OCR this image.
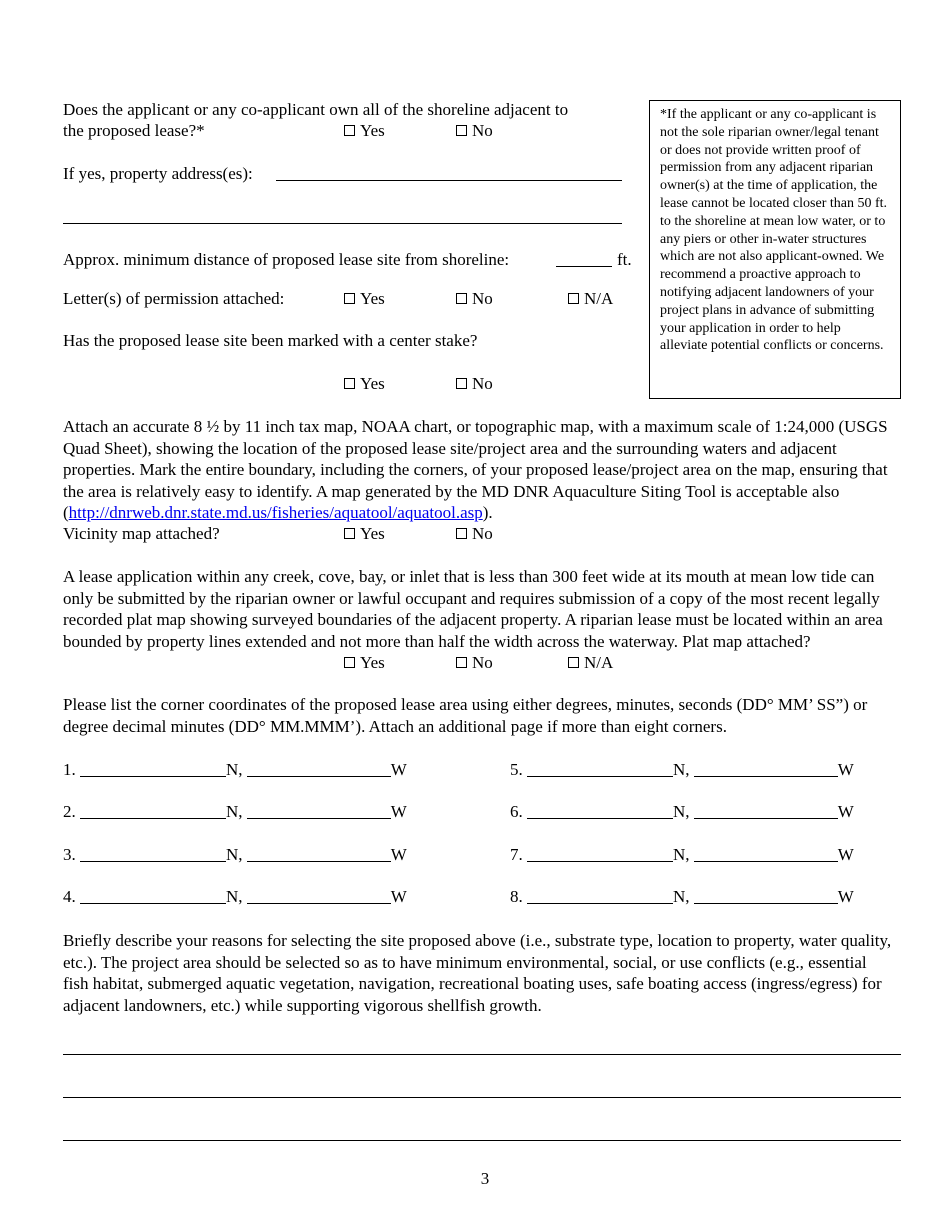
Does the applicant or any co-applicant own all of the shoreline adjacent to
the proposed lease?*	Yes	No
If yes, property address(es):
Approx. minimum distance of proposed lease site from shoreline:	ft.
Letter(s) of permission attached:	Yes	No	N/A
Has the proposed lease site been marked with a center stake?
Yes	No
*If the applicant or any co-applicant is not the sole riparian owner/legal tenant or does not provide written proof of permission from any adjacent riparian owner(s) at the time of application, the lease cannot be located closer than 50 ft. to the shoreline at mean low water, or to any piers or other in-water structures which are not also applicant-owned. We recommend a proactive approach to notifying adjacent landowners of your project plans in advance of submitting your application in order to help alleviate potential conflicts or concerns.
Attach an accurate 8 ½ by 11 inch tax map, NOAA chart, or topographic map, with a maximum scale of 1:24,000 (USGS Quad Sheet), showing the location of the proposed lease site/project area and the surrounding waters and adjacent properties. Mark the entire boundary, including the corners, of your proposed lease/project area on the map, ensuring that the area is relatively easy to identify. A map generated by the MD DNR Aquaculture Siting Tool is acceptable also (http://dnrweb.dnr.state.md.us/fisheries/aquatool/aquatool.asp).
Vicinity map attached?	Yes	No
A lease application within any creek, cove, bay, or inlet that is less than 300 feet wide at its mouth at mean low tide can only be submitted by the riparian owner or lawful occupant and requires submission of a copy of the most recent legally recorded plat map showing surveyed boundaries of the adjacent property. A riparian lease must be located within an area bounded by property lines extended and not more than half the width across the waterway. Plat map attached?
Yes	No	N/A
Please list the corner coordinates of the proposed lease area using either degrees, minutes, seconds (DD° MM’ SS”) or degree decimal minutes (DD° MM.MMM’). Attach an additional page if more than eight corners.
1.	N,	W
2.	N,	W
3.	N,	W
4.	N,	W
5.	N,	W
6.	N,	W
7.	N,	W
8.	N,	W
Briefly describe your reasons for selecting the site proposed above (i.e., substrate type, location to property, water quality, etc.). The project area should be selected so as to have minimum environmental, social, or use conflicts (e.g., essential fish habitat, submerged aquatic vegetation, navigation, recreational boating uses, safe boating access (ingress/egress) for adjacent landowners, etc.) while supporting vigorous shellfish growth.
3
